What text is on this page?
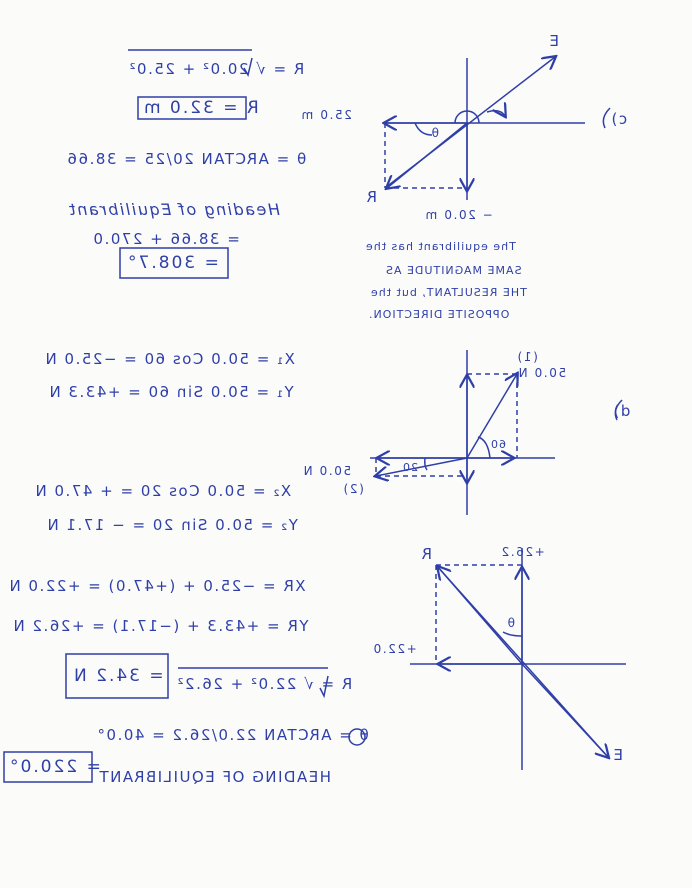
R = √ 20.0² + 25.0²
R = 32.0 m
θ = ARCTAN 20/25 = 38.66
Heading of Equilibrant
= 38.66 + 270.0
= 308.7°
E
R
25.0 m
− 20.0 m
θ
c)
The equilibrant has the
SAME MAGNITUDE AS
THE RESULTANT, but the
OPPOSITE DIRECTION.
X₁ = 50.0 Cos 60 = −25.0 N
Y₁ = 50.0 Sin 60 = +43.3 N
X₂ = 50.0 Cos 20 = + 47.0 N
Y₂ = 50.0 Sin 20 = − 17.1 N
XR = −25.0 + (+47.0) = +22.0 N
YR = +43.3 + (−17.1) = +26.2 N
R = √ 22.0² + 26.2²
= 34.2 N
θ = ARCTAN 22.0/26.2 = 40.0°
HEADING OF EQUILIBRANT
= 220.0°
(1)
50.0 N
(2)
50.0 N
60
20
d)
R
E
+26.2
+22.0
θ
